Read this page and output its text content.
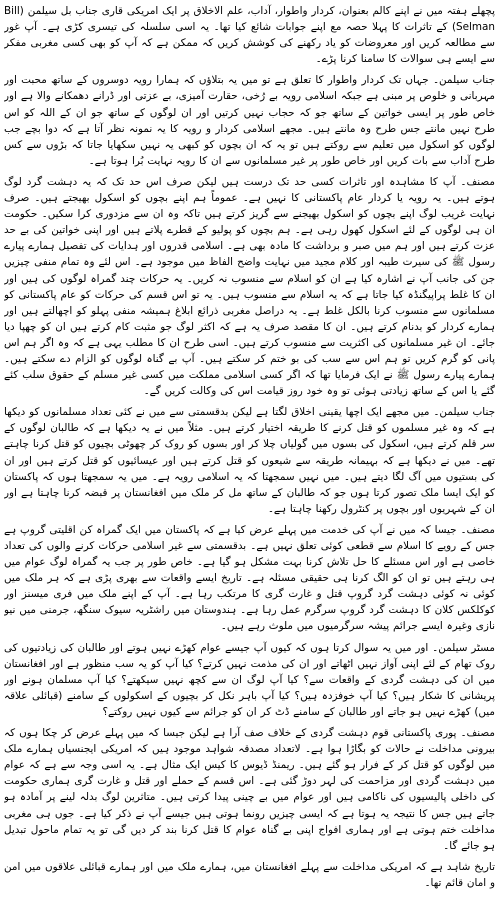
پچھلے ہفتہ میں نے اپنے کالم بعنوان، کردار واطوار، آداب، علم الاخلاق پر ایک امریکی قاری جناب بل سیلمن (Bill Selman) کے تاثرات کا پہلا حصہ مع اپنے جوابات شائع کیا تھا۔ یہ اسی سلسلہ کی تیسری کڑی ہے۔ آپ غور سے مطالعہ کریں اور معروضات کو یاد رکھنے کی کوشش کریں کہ ممکن ہے کہ آپ کو بھی کسی مغربی مفکر سے ایسے ہی سوالات کا سامنا کرنا پڑے۔

جناب سیلمن۔ جہاں تک کردار واطوار کا تعلق ہے تو میں یہ بتلاؤں کہ ہمارا رویہ دوسروں کے ساتھ محبت اور مہربانی و خلوص پر مبنی ہے جبکہ اسلامی رویہ بے رُخی، حقارت آمیزی، بے عزتی اور ڈرانے دھمکانے والا ہے اور خاص طور پر ایسی خواتین کے ساتھ جو کہ حجاب نہیں کرتیں اور ان لوگوں کے ساتھ جو ان کے اللہ کو اس طرح نہیں مانتے جس طرح وہ مانتے ہیں۔ مجھے اسلامی کردار و رویہ کا یہ نمونہ نظر آتا ہے کہ دوا بچے جب لوگوں کو اسکول میں تعلیم سے روکتے ہیں تو یہ کہ ان بچوں کو کبھی یہ نہیں سکھایا جاتا کہ بڑوں سے کس طرح آداب سے بات کریں اور خاص طور پر غیر مسلمانوں سے ان کا رویہ نہایت بُرا ہوتا ہے۔

مصنف۔ آپ کا مشاہدہ اور تاثرات کسی حد تک درست ہیں لیکن صرف اس حد تک کہ یہ دہشت گرد لوگ ہوتے ہیں۔ یہ رویہ یا کردار عام پاکستانی کا نہیں ہے۔ عموماً ہم اپنے بچوں کو اسکول بھیجتے ہیں۔ صرف نہایت غریب لوگ اپنے بچوں کو اسکول بھیجنے سے گریز کرتے ہیں تاکہ وہ ان سے مزدوری کرا سکیں۔ حکومت ان ہی لوگوں کے لئے اسکول کھول رہی ہے۔ ہم بچوں کو پولیو کے قطرے پلاتے ہیں اور اپنی خواتین کی بے حد عزت کرتے ہیں اور ہم میں صبر و برداشت کا مادہ بھی ہے۔ اسلامی قدروں اور ہدایات کی تفصیل ہمارے پیارے رسول ﷺ کی سیرت طیبہ اور کلام مجید میں نہایت واضح الفاظ میں موجود ہے۔ اس لئے وہ تمام منفی چیزیں جن کی جانب آپ نے اشارہ کیا ہے ان کو اسلام سے منسوب نہ کریں۔ یہ حرکات چند گمراہ لوگوں کی ہیں اور ان کا غلط پراپیگنڈہ کیا جاتا ہے کہ یہ اسلام سے منسوب ہیں۔ یہ تو اس قسم کی حرکات کو عام پاکستانی کو مسلمانوں سے منسوب کرنا بالکل غلط ہے۔ یہ دراصل مغربی ذرائع ابلاغ ہمیشہ منفی پہلو کو اچھالتے ہیں اور ہمارے کردار کو بدنام کرتے ہیں۔ ان کا مقصد صرف یہ ہے کہ اکثر لوگ جو مثبت کام کرتے ہیں ان کو چھپا دیا جائے۔ ان غیر مسلمانوں کی اکثریت سے منسوب کرتے ہیں۔ اسی طرح ان کا مطلب یہی ہے کہ وہ اگر ہم اس پانی کو گرم کریں تو ہم اس سے سب کی بو ختم کر سکتے ہیں۔ آپ بے گناہ لوگوں کو الزام دے سکتے ہیں۔ ہمارے پیارے رسول ﷺ نے ایک فرمایا تھا کہ اگر کسی اسلامی مملکت میں کسی غیر مسلم کے حقوق سلب کئے گئے یا اس کے ساتھ زیادتی ہوئی تو وہ خود روز قیامت اس کی وکالت کریں گے۔

جناب سیلمن۔ میں مجھے ایک اچھا یقینی اخلاق لگتا ہے لیکن بدقسمتی سے میں نے کئی تعداد مسلمانوں کو دیکھا ہے کہ وہ غیر مسلموں کو قتل کرنے کا طریقہ اختیار کرتے ہیں۔ مثلاً میں نے یہ دیکھا ہے کہ طالبان لوگوں کے سر قلم کرتے ہیں، اسکول کی بسوں میں گولیاں چلا کر اور بسوں کو روک کر چھوٹی بچیوں کو قتل کرنا چاہتے تھے۔ میں نے دیکھا ہے کہ بہیمانہ طریقہ سے شیعوں کو قتل کرتے ہیں اور عیسائیوں کو قتل کرتے ہیں اور ان کی بستیوں میں آگ لگا دیتے ہیں۔ میں نہیں سمجھتا کہ یہ اسلامی رویہ ہے۔ میں یہ سمجھتا ہوں کہ پاکستان کو ایک ایسا ملک تصور کرتا ہوں جو کہ طالبان کے ساتھ مل کر ملک میں افغانستان پر قبضہ کرنا چاہتا ہے اور ان کے شہریوں اور بچوں پر کنٹرول رکھنا چاہتا ہے۔

مصنف۔ جیسا کہ میں نے آپ کی خدمت میں پہلے عرض کیا ہے کہ پاکستان میں ایک گمراہ کن اقلیتی گروپ ہے جس کے رویے کا اسلام سے قطعی کوئی تعلق نہیں ہے۔ بدقسمتی سے غیر اسلامی حرکات کرنے والوں کی تعداد خاصی ہے اور اس مسئلے کا حل تلاش کرنا بہت مشکل ہو گیا ہے۔ خاص طور پر جب یہ گمراہ لوگ عوام میں ہی رہتے ہیں تو ان کو الگ کرنا ہی حقیقی مسئلہ ہے۔ تاریخ ایسے واقعات سے بھری پڑی ہے کہ ہر ملک میں کوئی نہ کوئی دہشت گرد گروپ قتل و غارت گری کا مرتکب رہا ہے۔ آپ کے اپنے ملک میں فری میسنز اور کوکلکس کلان کا دہشت گرد گروپ سرگرم عمل رہا ہے۔ ہندوستان میں راشٹریہ سیوک سنگھ، جرمنی میں نیو نازی وغیرہ ایسے جرائم پیشہ سرگرمیوں میں ملوث رہے ہیں۔

مسٹر سیلمن۔ اور میں یہ سوال کرتا ہوں کہ کیوں آپ جیسے عوام کھڑے نہیں ہوتے اور طالبان کی زیادتیوں کی روک تھام کے لئے اپنی آواز نہیں اٹھاتے اور ان کی مذمت نہیں کرتے؟ کیا آپ کو یہ سب منظور ہے اور افغانستان میں ان کی دہشت گردی کے واقعات سے؟ کیا آپ لوگ ان سے کچھ نہیں سیکھتے؟ کیا آپ مسلمان ہونے اور پریشانی کا شکار ہیں؟ کیا آپ خوفزدہ ہیں؟ کیا آپ باہر نکل کر بچیوں کے اسکولوں کے سامنے (قبائلی علاقہ میں) کھڑے نہیں ہو جاتے اور طالبان کے سامنے ڈٹ کر ان کو جرائم سے کیوں نہیں روکتے؟

مصنف۔ پوری پاکستانی قوم دہشت گردی کے خلاف صف آرا ہے لیکن جیسا کہ میں پہلے عرض کر چکا ہوں کہ بیرونی مداخلت نے حالات کو بگاڑا ہوا ہے۔ لاتعداد مصدقہ شواہد موجود ہیں کہ امریکی ایجنسیاں ہمارے ملک میں لوگوں کو قتل کر کے فرار ہو گئے ہیں۔ ریمنڈ ڈیوس کا کیس ایک مثال ہے۔ یہ اسی وجہ سے ہے کہ عوام میں دہشت گردی اور مزاحمت کی لہر دوڑ گئی ہے۔ اس قسم کے حملے اور قتل و غارت گری ہماری حکومت کی داخلی پالیسیوں کی ناکامی ہیں اور عوام میں بے چینی پیدا کرتی ہیں۔ متاثرین لوگ بدلہ لینے پر آمادہ ہو جاتے ہیں جس کا نتیجہ یہ ہوتا ہے کہ ایسی چیزیں رونما ہوتی ہیں جیسے آپ نے ذکر کیا ہے۔ جوں ہی مغربی مداخلت ختم ہوتی ہے اور ہماری افواج اپنی بے گناہ عوام کا قتل کرنا بند کر دیں گی تو یہ تمام ماحول تبدیل ہو جائے گا۔

تاریخ شاہد ہے کہ امریکی مداخلت سے پہلے افغانستان میں، ہمارے ملک میں اور ہمارے قبائلی علاقوں میں امن و امان قائم تھا۔
